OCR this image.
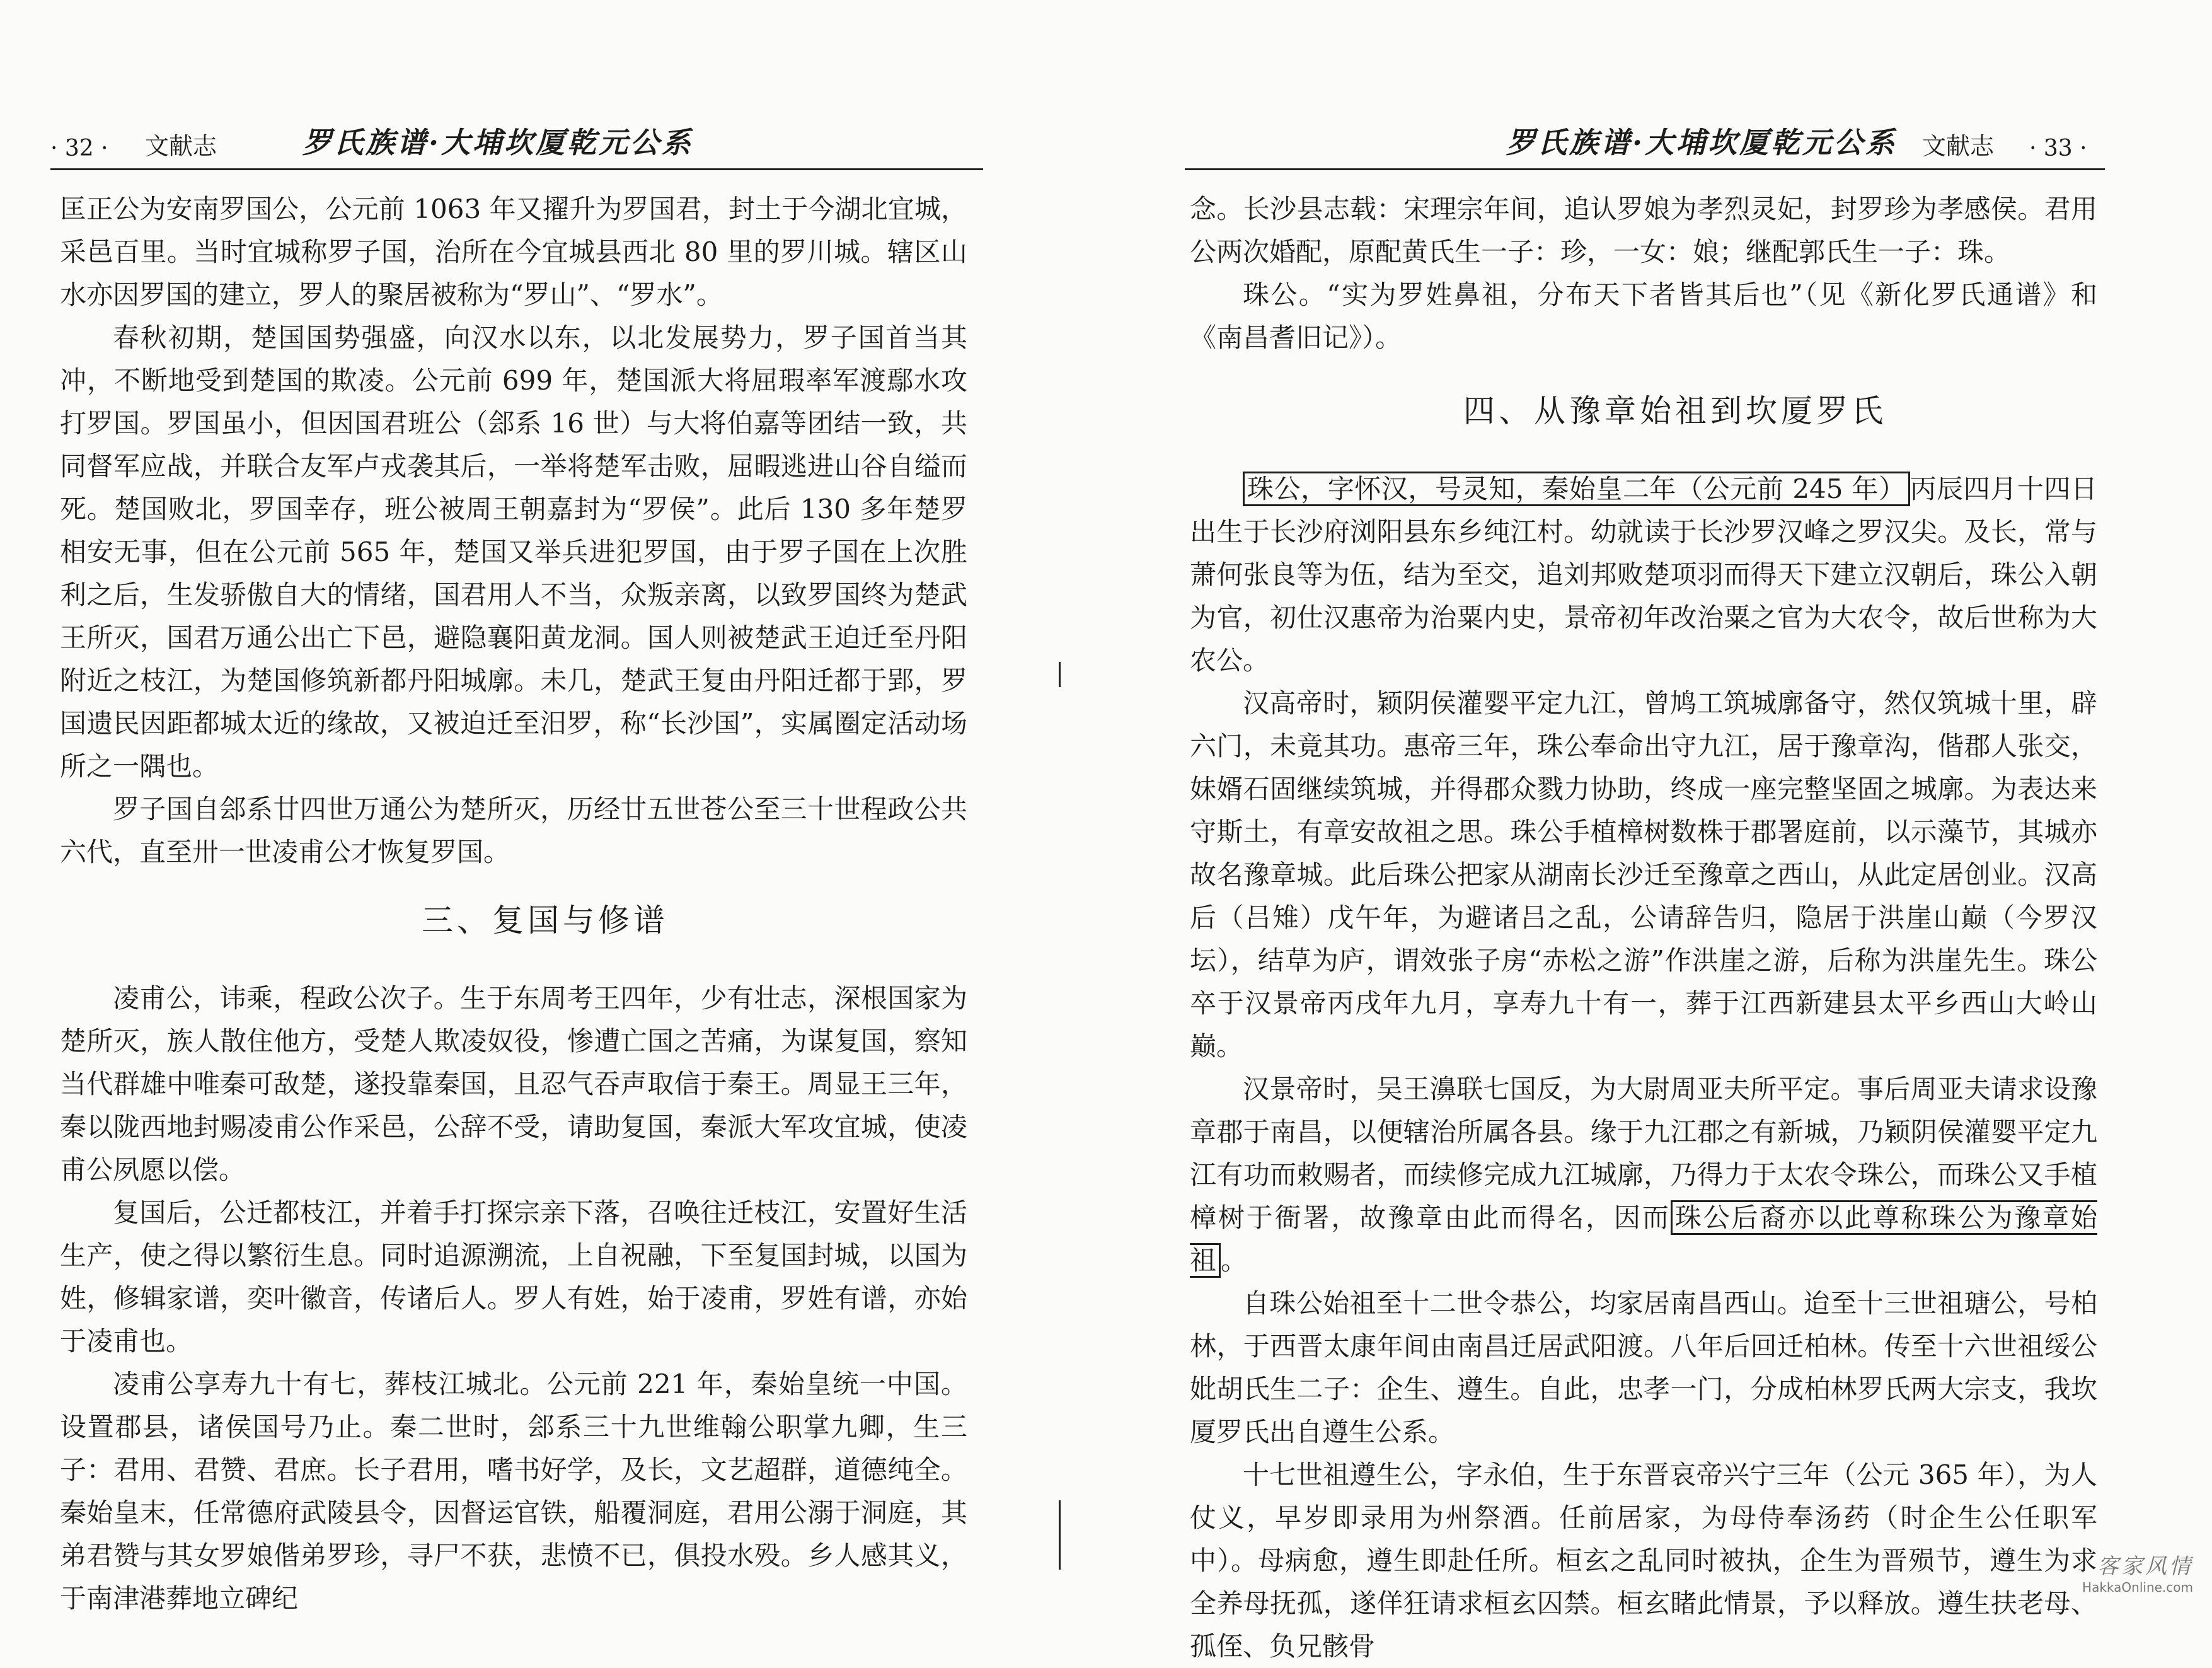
· 32 · 文献志	罗氏族谱·大埔坎厦乾元公系

匡正公为安南罗国公，公元前 1063 年又擢升为罗国君，封土于今湖北宜城，采邑百里。当时宜城称罗子国，治所在今宜城县西北 80 里的罗川城。辖区山水亦因罗国的建立，罗人的聚居被称为“罗山”、“罗水”。

春秋初期，楚国国势强盛，向汉水以东，以北发展势力，罗子国首当其冲，不断地受到楚国的欺凌。公元前 699 年，楚国派大将屈瑕率军渡鄢水攻打罗国。罗国虽小，但因国君班公（郐系 16 世）与大将伯嘉等团结一致，共同督军应战，并联合友军卢戎袭其后，一举将楚军击败，屈暇逃进山谷自缢而死。楚国败北，罗国幸存，班公被周王朝嘉封为“罗侯”。此后 130 多年楚罗相安无事，但在公元前 565 年，楚国又举兵进犯罗国，由于罗子国在上次胜利之后，生发骄傲自大的情绪，国君用人不当，众叛亲离，以致罗国终为楚武王所灭，国君万通公出亡下邑，避隐襄阳黄龙洞。国人则被楚武王迫迁至丹阳附近之枝江，为楚国修筑新都丹阳城廓。未几，楚武王复由丹阳迁都于郢，罗国遗民因距都城太近的缘故，又被迫迁至汨罗，称“长沙国”，实属圈定活动场所之一隅也。

罗子国自郐系廿四世万通公为楚所灭，历经廿五世苍公至三十世程政公共六代，直至卅一世凌甫公才恢复罗国。

三、复国与修谱

凌甫公，讳乘，程政公次子。生于东周考王四年，少有壮志，深根国家为楚所灭，族人散住他方，受楚人欺凌奴役，惨遭亡国之苦痛，为谋复国，察知当代群雄中唯秦可敌楚，遂投靠秦国，且忍气吞声取信于秦王。周显王三年，秦以陇西地封赐凌甫公作采邑，公辞不受，请助复国，秦派大军攻宜城，使凌甫公夙愿以偿。

复国后，公迁都枝江，并着手打探宗亲下落，召唤往迁枝江，安置好生活生产，使之得以繁衍生息。同时追源溯流，上自祝融，下至复国封城，以国为姓，修辑家谱，奕叶徽音，传诸后人。罗人有姓，始于凌甫，罗姓有谱，亦始于凌甫也。

凌甫公享寿九十有七，葬枝江城北。公元前 221 年，秦始皇统一中国。设置郡县，诸侯国号乃止。秦二世时，郐系三十九世维翰公职掌九卿，生三子：君用、君赞、君庶。长子君用，嗜书好学，及长，文艺超群，道德纯全。秦始皇末，任常德府武陵县令，因督运官铁，船覆洞庭，君用公溺于洞庭，其弟君赞与其女罗娘偕弟罗珍，寻尸不获，悲愤不已，俱投水殁。乡人感其义，于南津港葬地立碑纪

罗氏族谱·大埔坎厦乾元公系 文献志 · 33 ·

念。长沙县志载：宋理宗年间，追认罗娘为孝烈灵妃，封罗珍为孝感侯。君用公两次婚配，原配黄氏生一子：珍，一女：娘；继配郭氏生一子：珠。

珠公。“实为罗姓鼻祖，分布天下者皆其后也”（见《新化罗氏通谱》和《南昌耆旧记》）。

四、从豫章始祖到坎厦罗氏

珠公，字怀汉，号灵知，秦始皇二年（公元前 245 年） 丙辰四月十四日出生于长沙府浏阳县东乡纯江村。幼就读于长沙罗汉峰之罗汉尖。及长，常与萧何张良等为伍，结为至交，追刘邦败楚项羽而得天下建立汉朝后，珠公入朝为官，初仕汉惠帝为治粟内史，景帝初年改治粟之官为大农令，故后世称为大农公。

汉高帝时，颖阴侯灌婴平定九江，曾鸠工筑城廓备守，然仅筑城十里，辟六门，未竟其功。惠帝三年，珠公奉命出守九江，居于豫章沟，偕郡人张交，妹婿石固继续筑城，并得郡众戮力协助，终成一座完整坚固之城廓。为表达来守斯土，有章安故祖之思。珠公手植樟树数株于郡署庭前，以示藻节，其城亦故名豫章城。此后珠公把家从湖南长沙迁至豫章之西山，从此定居创业。汉高后（吕雉）戊午年，为避诸吕之乱，公请辞告归，隐居于洪崖山巅（今罗汉坛），结草为庐，谓效张子房“赤松之游”作洪崖之游，后称为洪崖先生。珠公卒于汉景帝丙戌年九月，享寿九十有一，葬于江西新建县太平乡西山大岭山巅。

汉景帝时，吴王濞联七国反，为大尉周亚夫所平定。事后周亚夫请求设豫章郡于南昌，以便辖治所属各县。缘于九江郡之有新城，乃颖阴侯灌婴平定九江有功而敕赐者，而续修完成九江城廓，乃得力于太农令珠公，而珠公又手植樟树于衙署，故豫章由此而得名，因而 珠公后裔亦以此尊称珠公为豫章始祖 。

自珠公始祖至十二世令恭公，均家居南昌西山。迨至十三世祖瑭公，号柏林，于西晋太康年间由南昌迁居武阳渡。八年后回迁柏林。传至十六世祖绥公妣胡氏生二子：企生、遵生。自此，忠孝一门，分成柏林罗氏两大宗支，我坎厦罗氏出自遵生公系。

十七世祖遵生公，字永伯，生于东晋哀帝兴宁三年（公元 365 年），为人仗义，早岁即录用为州祭酒。任前居家，为母侍奉汤药（时企生公任职军中）。母病愈，遵生即赴任所。桓玄之乱同时被执，企生为晋殒节，遵生为求全养母抚孤，遂佯狂请求桓玄囚禁。桓玄睹此情景，予以释放。遵生扶老母、孤侄、负兄骸骨

客家风情
HakkaOnline.com
